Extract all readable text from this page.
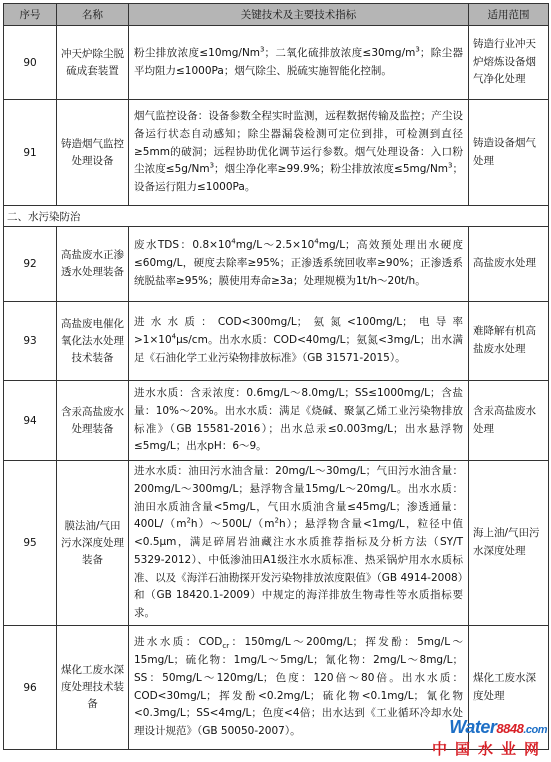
序号	名称	关键技术及主要技术指标	适用范围
90	冲天炉除尘脱硫成套装置	粉尘排放浓度$\le 10mg/Nm^3$；二氧化硫排放浓度$\le 30mg/m^3$；除尘器平均阻力≤1000Pa；烟气除尘、脱硫实施智能化控制。	铸造行业冲天炉熔炼设备烟气净化处理
91	铸造烟气监控处理设备	烟气监控设备：设备参数全程实时监测，远程数据传输及监控；产尘设备运行状态自动感知；除尘器漏袋检测可定位到排，可检测到直径≥5mm的破洞；远程协助优化调节运行参数。烟气处理设备：入口粉尘浓度$\le 5g/Nm^3$；烟尘净化率≥99.9%；粉尘排放浓度$\le 5mg/Nm^3$；设备运行阻力≤1000Pa。	铸造设备烟气处理
二、水污染防治			
92	高盐废水正渗透水处理装备	废水TDS：$0.8\times 10^4mg/L\sim 2.5\times 10^4mg/L$；高效预处理出水硬度≤60mg/L，硬度去除率≥95%；正渗透系统回收率≥90%；正渗透系统脱盐率≥95%；膜使用寿命≥3a；处理规模为1t/h～20t/h。	高盐废水处理
93	高盐废电催化氧化法水处理技术装备	进水水质：COD<300mg/L；氨氮<100mg/L；电导率$>1\times 10^4\mu s/cm$。出水水质：COD<40mg/L；氨氮<3mg/L；出水满足《石油化学工业污染物排放标准》（GB 31571-2015）。	难降解有机高盐废水处理
94	含汞高盐废水处理装备	进水水质：含汞浓度：0.6mg/L～8.0mg/L；SS≤1000mg/L；含盐量：10%～20%。出水水质：满足《烧碱、聚氯乙烯工业污染物排放标准》（GB 15581-2016）；出水总汞≤0.003mg/L；出水悬浮物≤5mg/L；出水pH：6～9。	含汞高盐废水处理
95	膜法油/气田污水深度处理装备	进水水质：油田污水油含量：20mg/L～30mg/L；气田污水油含量：200mg/L～300mg/L；悬浮物含量15mg/L～20mg/L。出水水质：油田水质油含量<5mg/L，气田水质油含量≤45mg/L；渗透通量：$400L/(m^2h)\sim 500L/(m^2h)$；悬浮物含量<1mg/L，粒径中值<0.5μm，满足碎屑岩油藏注水水质推荐指标及分析方法（SY/T 5329-2012）、中低渗油田A1级注水水质标准、热采锅炉用水水质标准、以及《海洋石油勘探开发污染物排放浓度限值》（GB 4914-2008）和（GB 18420.1-2009）中规定的海洋排放生物毒性等水质指标要求。	海上油/气田污水深度处理
96	煤化工废水深度处理技术装备	进水水质：$COD_{cr}$：150mg/L～200mg/L；挥发酚：5mg/L～15mg/L；硫化物：1mg/L～5mg/L；氰化物：2mg/L～8mg/L；SS：50mg/L～120mg/L；色度：120倍～80倍。出水水质：COD<30mg/L；挥发酚<0.2mg/L；硫化物<0.1mg/L；氰化物<0.3mg/L；SS<4mg/L；色度<4倍；出水达到《工业循环冷却水处理设计规范》（GB 50050-2007）。	煤化工废水深度处理
Water8848.com
中国水业网
